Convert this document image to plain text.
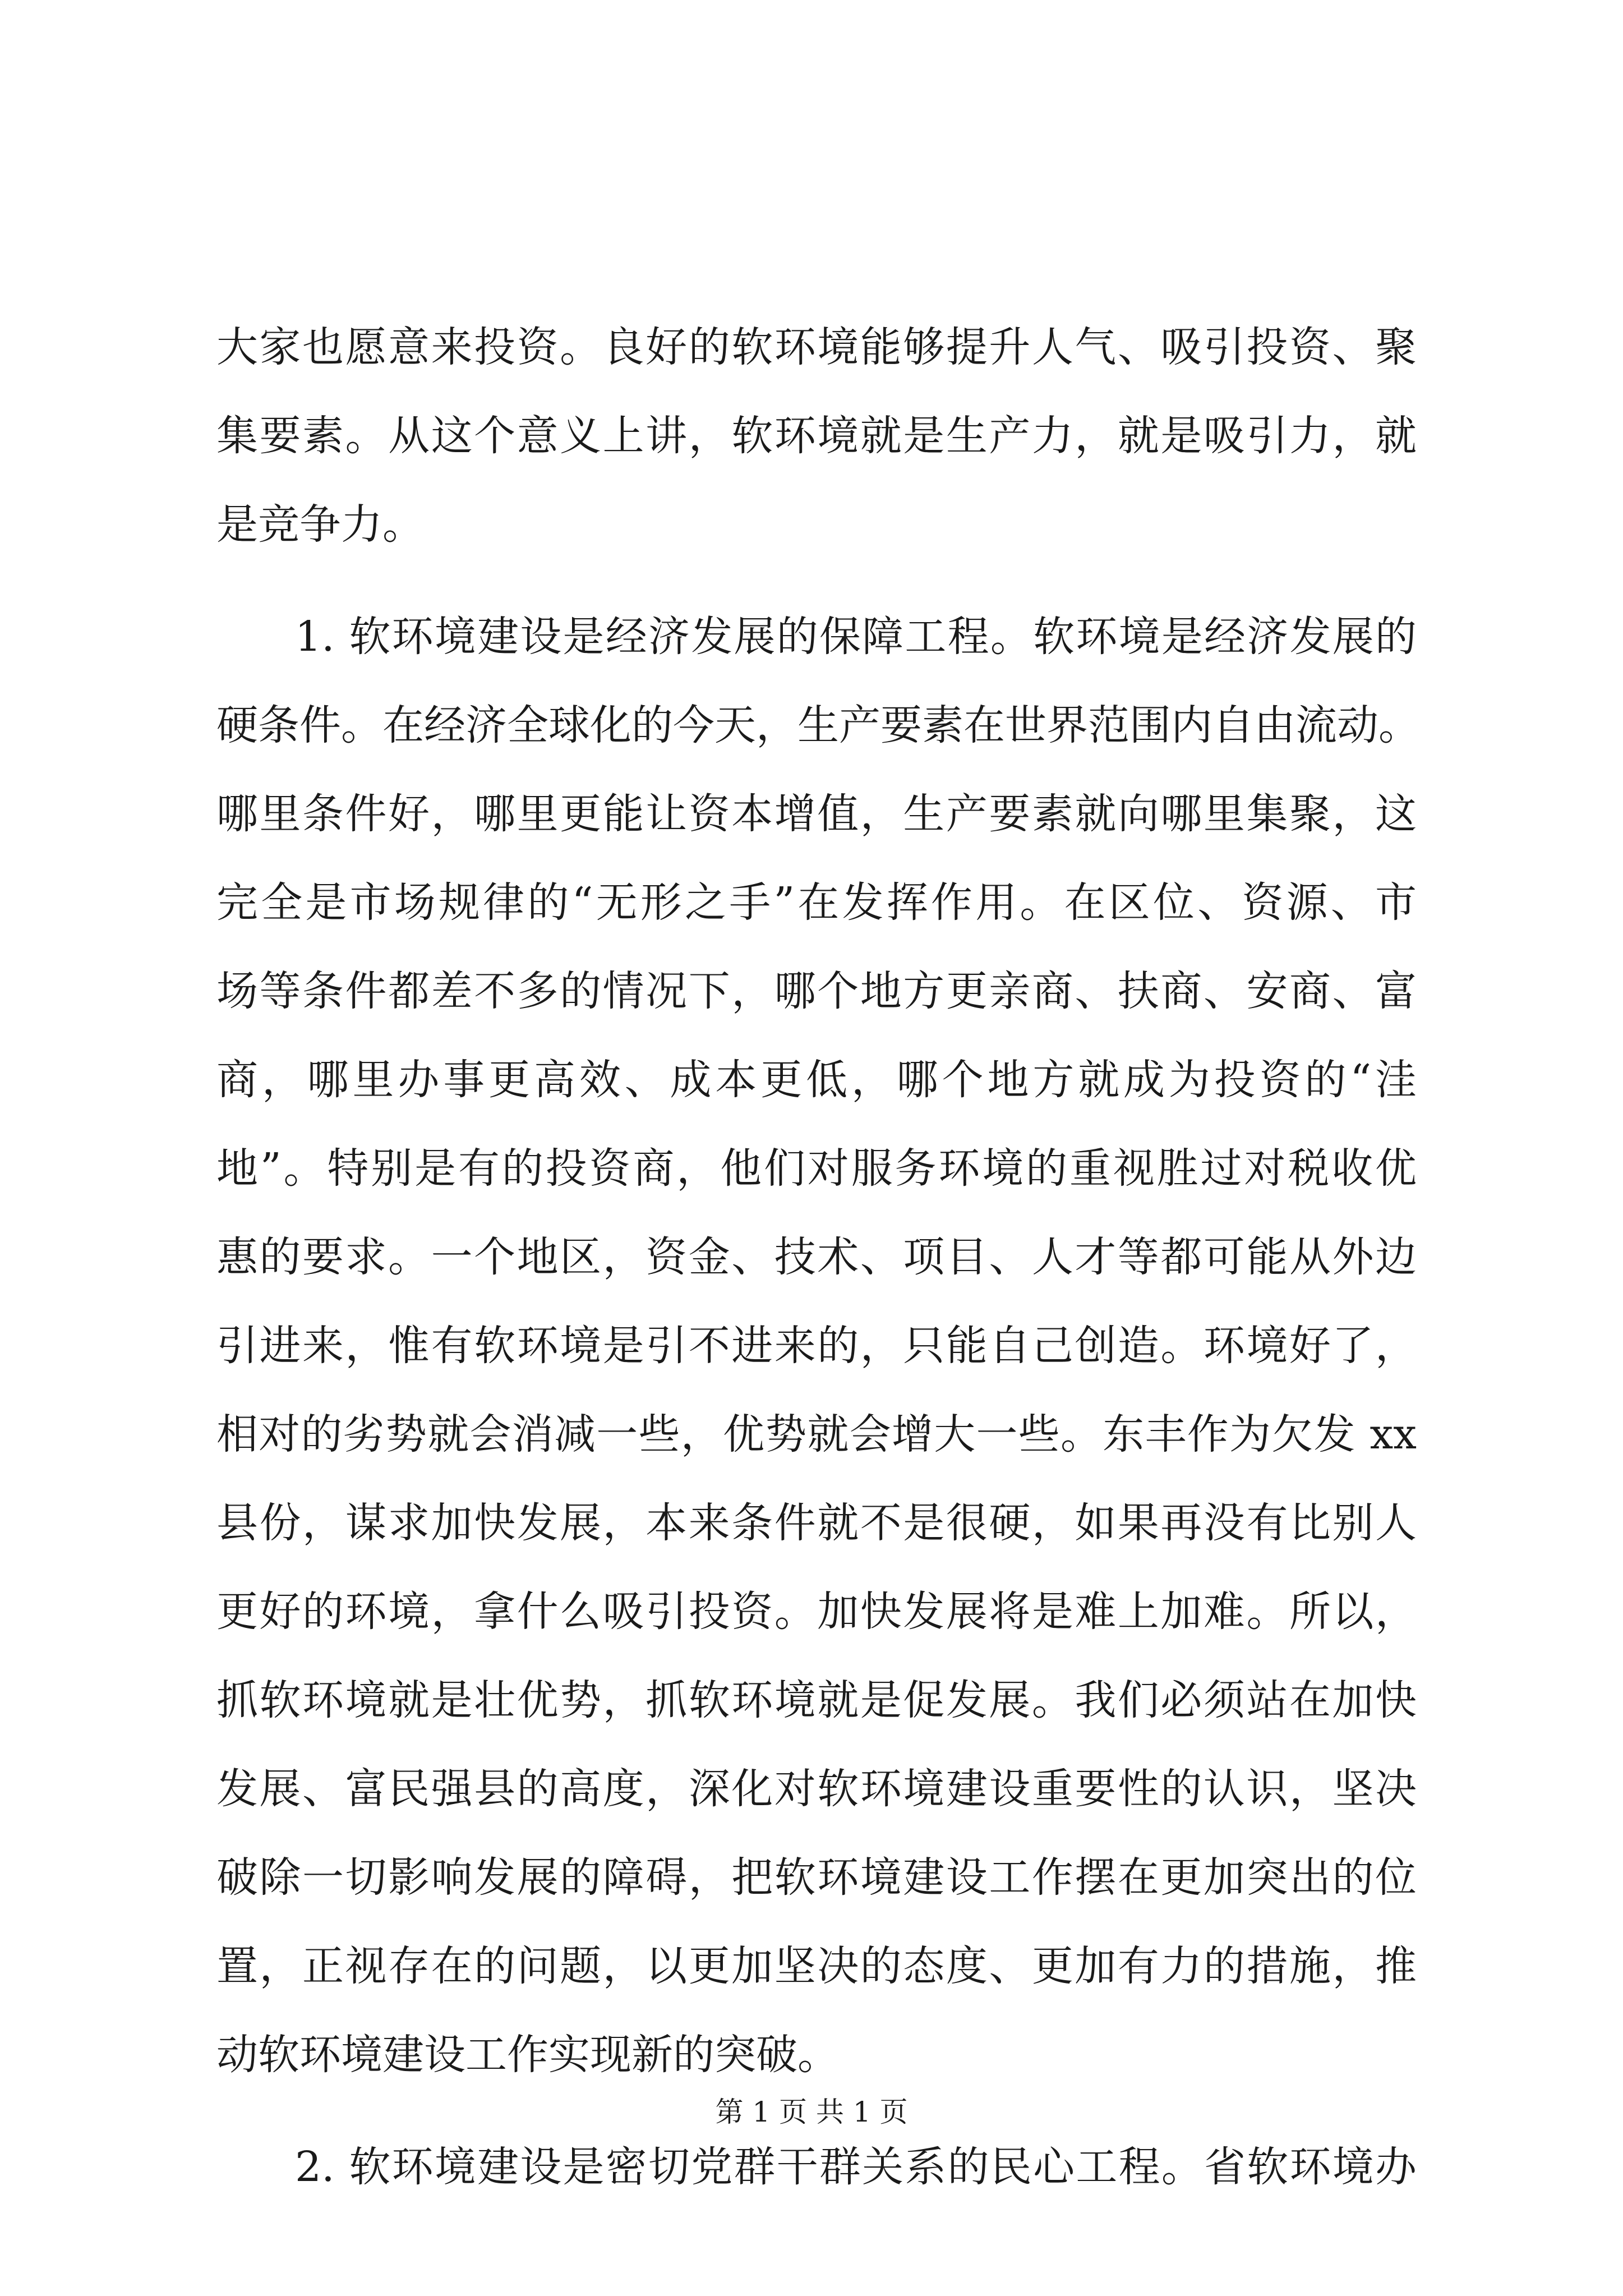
大家也愿意来投资。良好的软环境能够提升人气、吸引投资、聚
集要素。从这个意义上讲，软环境就是生产力，就是吸引力，就
是竞争力。
1. 软环境建设是经济发展的保障工程。软环境是经济发展的
硬条件。在经济全球化的今天，生产要素在世界范围内自由流动。
哪里条件好，哪里更能让资本增值，生产要素就向哪里集聚，这
完全是市场规律的“无形之手”在发挥作用。在区位、资源、市
场等条件都差不多的情况下，哪个地方更亲商、扶商、安商、富
商，哪里办事更高效、成本更低，哪个地方就成为投资的“洼
地”。特别是有的投资商，他们对服务环境的重视胜过对税收优
惠的要求。一个地区，资金、技术、项目、人才等都可能从外边
引进来，惟有软环境是引不进来的，只能自己创造。环境好了，
相对的劣势就会消减一些，优势就会增大一些。东丰作为欠发 xx
县份，谋求加快发展，本来条件就不是很硬，如果再没有比别人
更好的环境，拿什么吸引投资。加快发展将是难上加难。所以，
抓软环境就是壮优势，抓软环境就是促发展。我们必须站在加快
发展、富民强县的高度，深化对软环境建设重要性的认识，坚决
破除一切影响发展的障碍，把软环境建设工作摆在更加突出的位
置，正视存在的问题，以更加坚决的态度、更加有力的措施，推
动软环境建设工作实现新的突破。
2. 软环境建设是密切党群干群关系的民心工程。省软环境办
第 1 页 共 1 页
